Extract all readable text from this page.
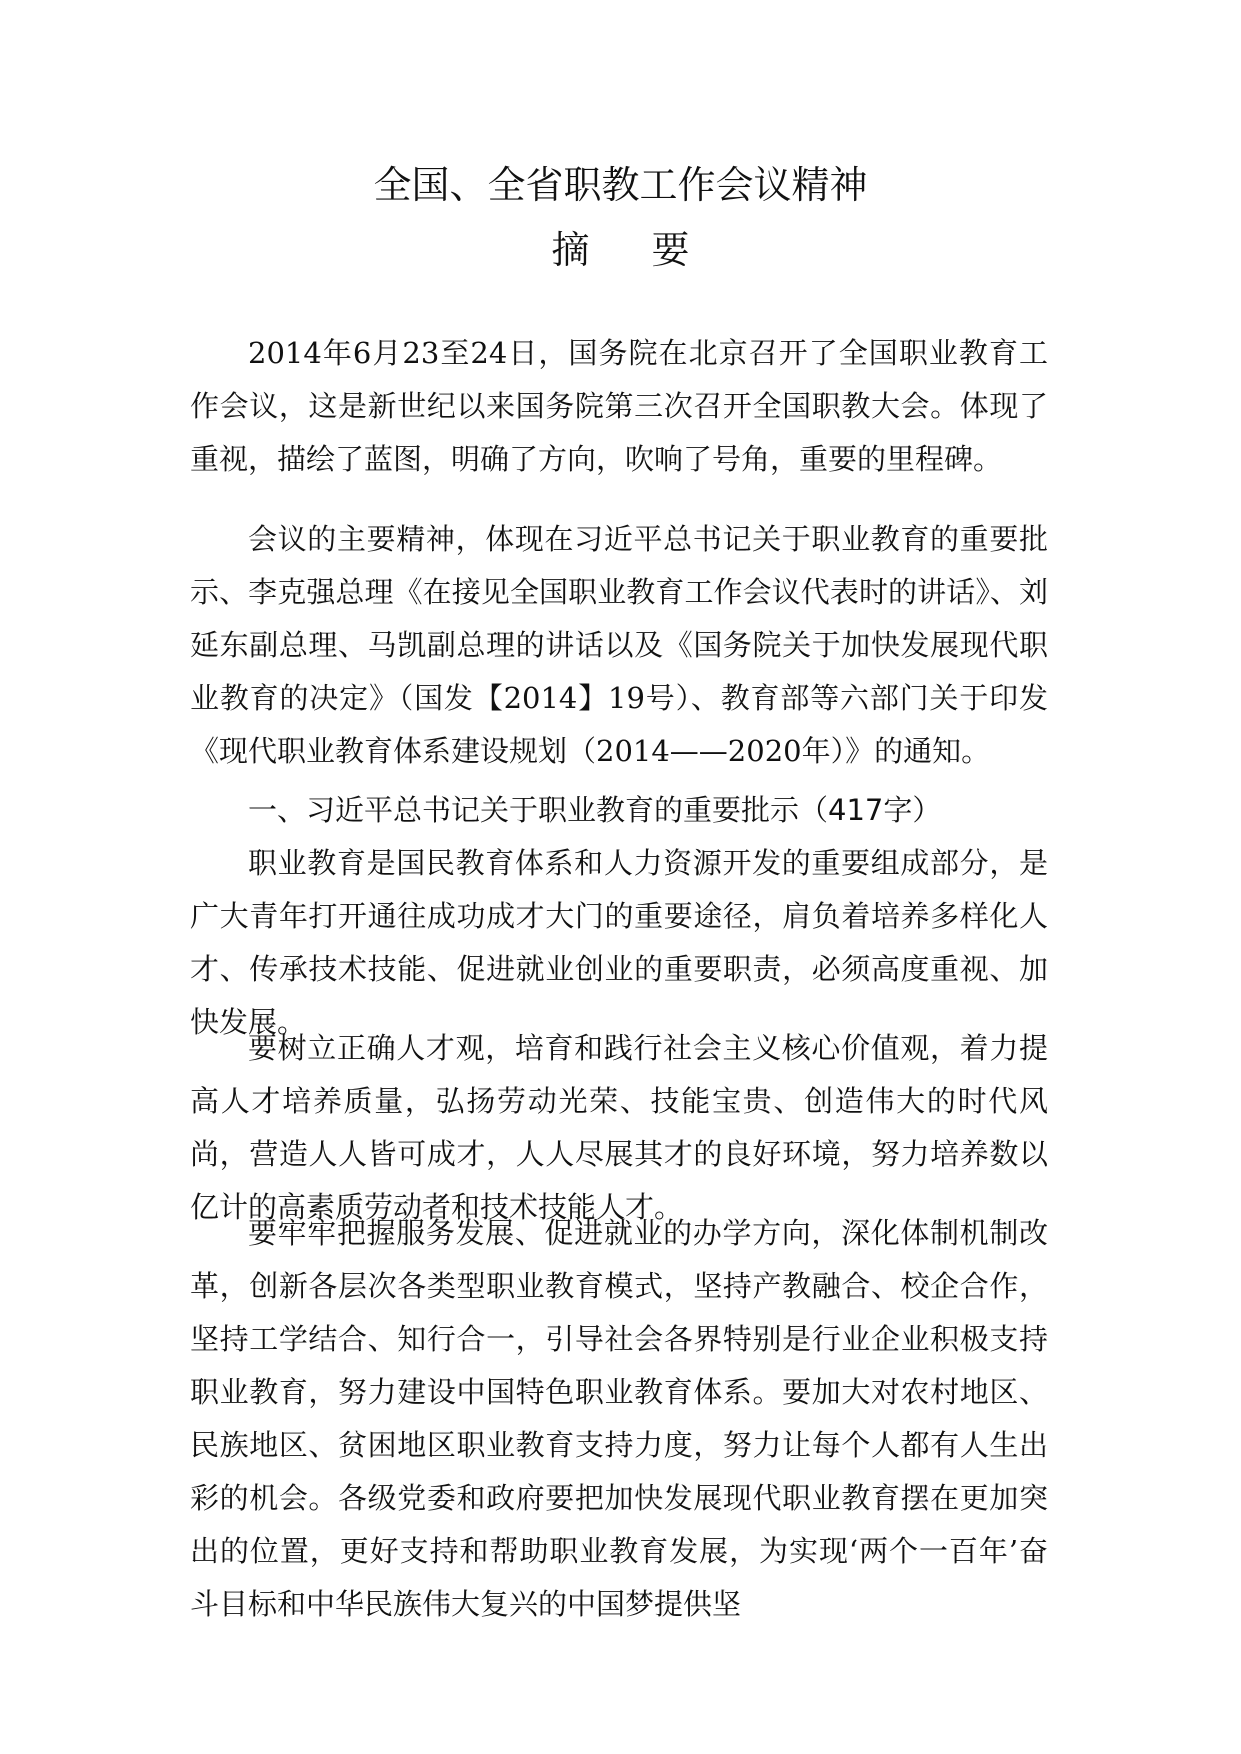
全国、全省职教工作会议精神
摘要

2014年6月23至24日，国务院在北京召开了全国职业教育工作会议，这是新世纪以来国务院第三次召开全国职教大会。体现了重视，描绘了蓝图，明确了方向，吹响了号角，重要的里程碑。

会议的主要精神，体现在习近平总书记关于职业教育的重要批示、李克强总理《在接见全国职业教育工作会议代表时的讲话》、刘延东副总理、马凯副总理的讲话以及《国务院关于加快发展现代职业教育的决定》（国发【2014】19号）、教育部等六部门关于印发《现代职业教育体系建设规划（2014——2020年）》的通知。

一、习近平总书记关于职业教育的重要批示（417字）

职业教育是国民教育体系和人力资源开发的重要组成部分，是广大青年打开通往成功成才大门的重要途径，肩负着培养多样化人才、传承技术技能、促进就业创业的重要职责，必须高度重视、加快发展。

要树立正确人才观，培育和践行社会主义核心价值观，着力提高人才培养质量，弘扬劳动光荣、技能宝贵、创造伟大的时代风尚，营造人人皆可成才，人人尽展其才的良好环境，努力培养数以亿计的高素质劳动者和技术技能人才。

要牢牢把握服务发展、促进就业的办学方向，深化体制机制改革，创新各层次各类型职业教育模式，坚持产教融合、校企合作，坚持工学结合、知行合一，引导社会各界特别是行业企业积极支持职业教育，努力建设中国特色职业教育体系。要加大对农村地区、民族地区、贫困地区职业教育支持力度，努力让每个人都有人生出彩的机会。各级党委和政府要把加快发展现代职业教育摆在更加突出的位置，更好支持和帮助职业教育发展，为实现‘两个一百年’奋斗目标和中华民族伟大复兴的中国梦提供坚
